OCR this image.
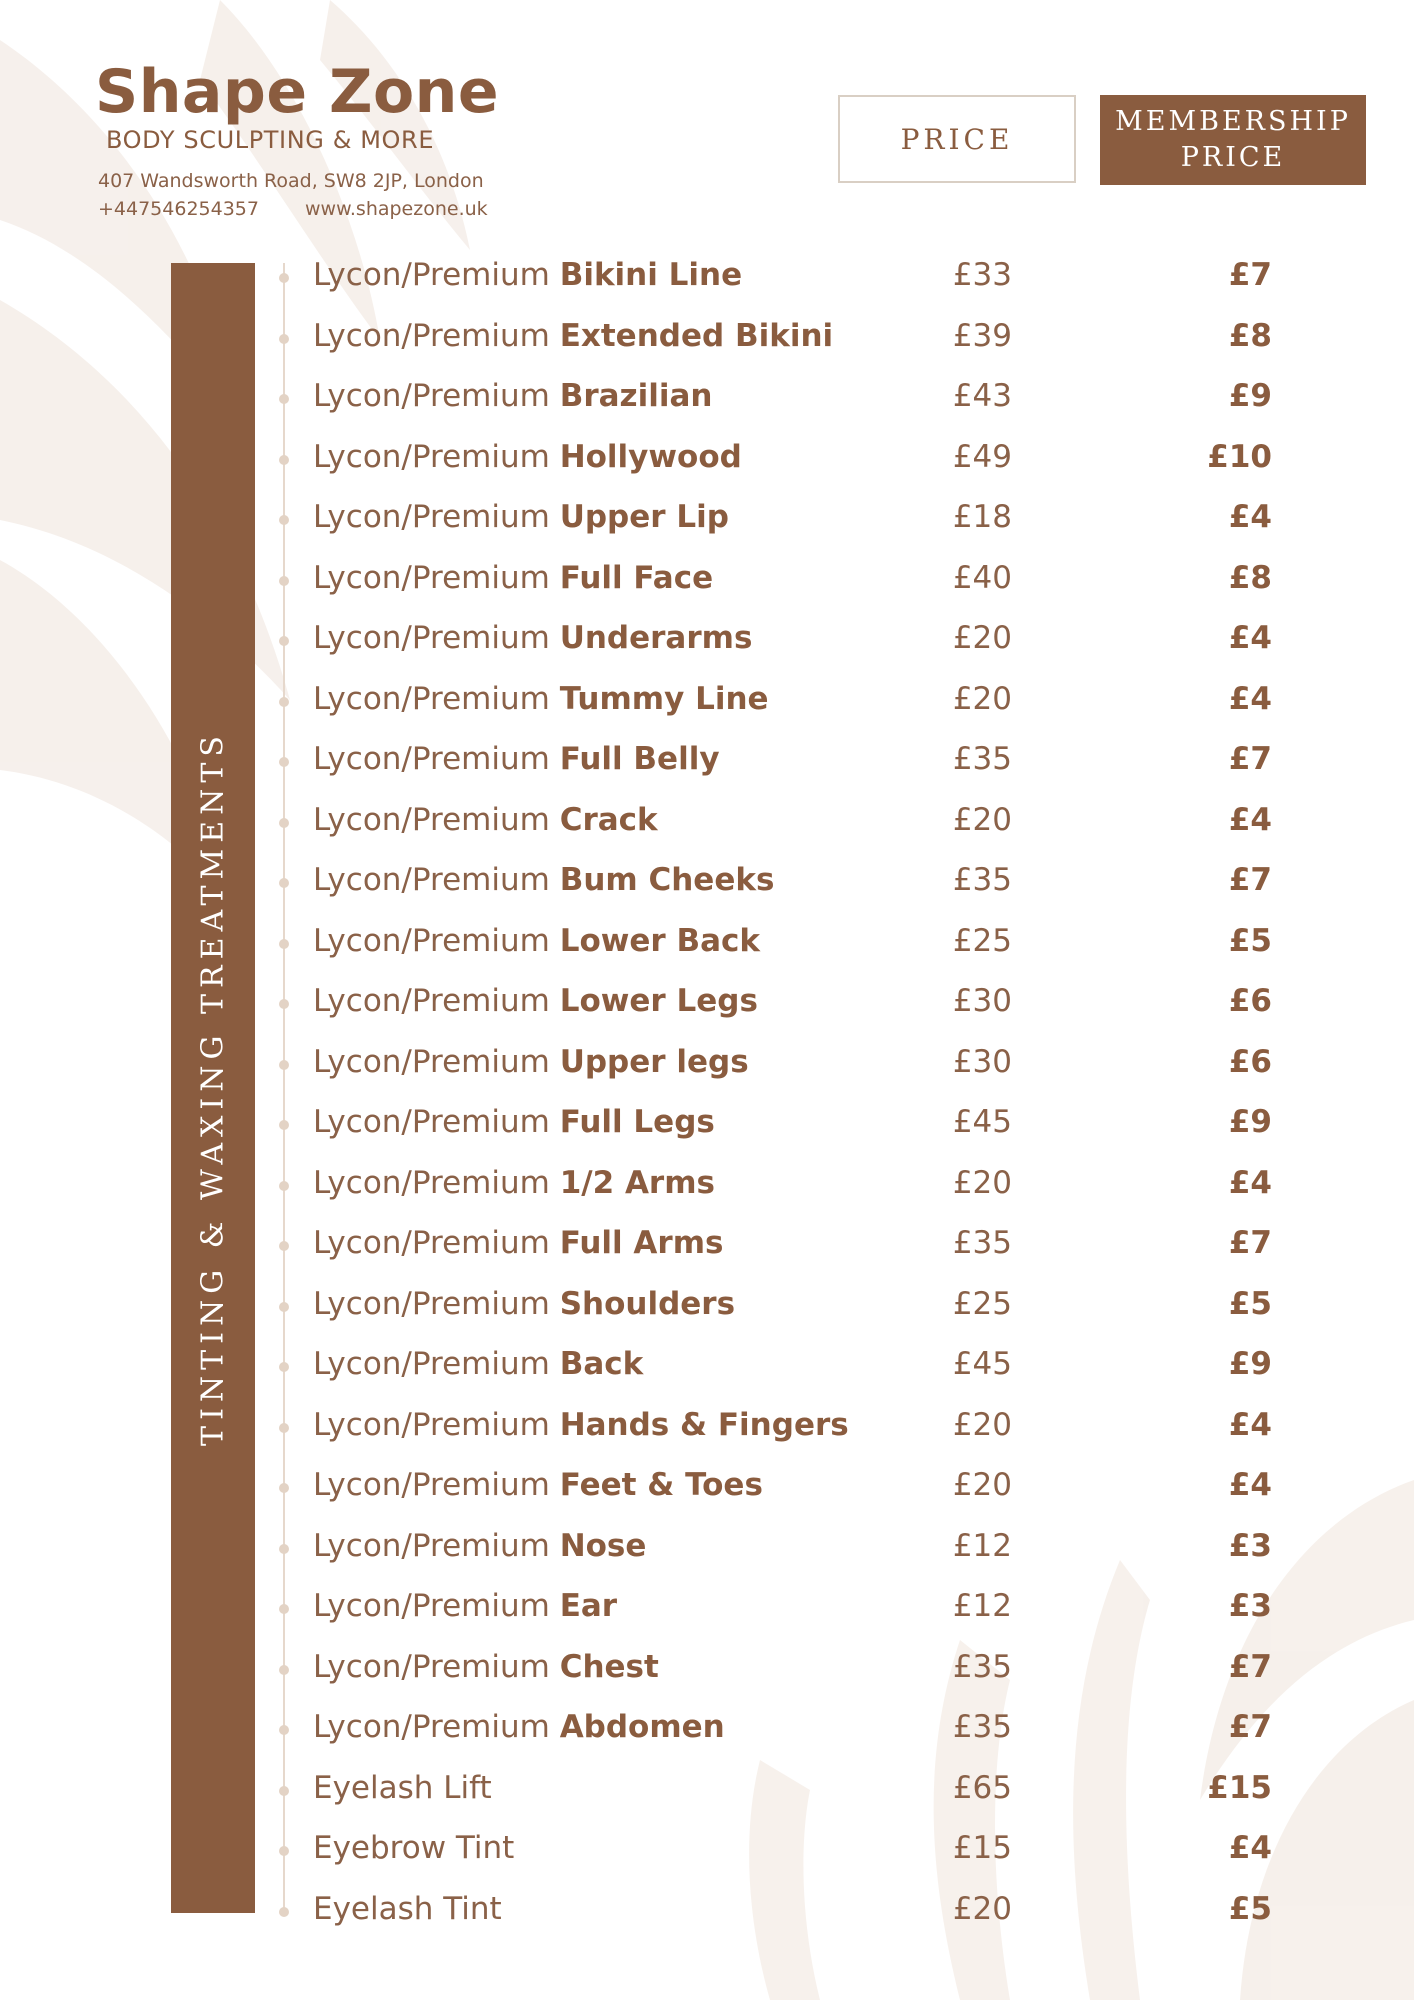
Shape Zone
BODY SCULPTING & MORE
407 Wandsworth Road, SW8 2JP, London
+447546254357 www.shapezone.uk
PRICE
MEMBERSHIP
PRICE
TINTING & WAXING TREATMENTS
Lycon/Premium Bikini Line	£33	£7
Lycon/Premium Extended Bikini	£39	£8
Lycon/Premium Brazilian	£43	£9
Lycon/Premium Hollywood	£49	£10
Lycon/Premium Upper Lip	£18	£4
Lycon/Premium Full Face	£40	£8
Lycon/Premium Underarms	£20	£4
Lycon/Premium Tummy Line	£20	£4
Lycon/Premium Full Belly	£35	£7
Lycon/Premium Crack	£20	£4
Lycon/Premium Bum Cheeks	£35	£7
Lycon/Premium Lower Back	£25	£5
Lycon/Premium Lower Legs	£30	£6
Lycon/Premium Upper legs	£30	£6
Lycon/Premium Full Legs	£45	£9
Lycon/Premium 1/2 Arms	£20	£4
Lycon/Premium Full Arms	£35	£7
Lycon/Premium Shoulders	£25	£5
Lycon/Premium Back	£45	£9
Lycon/Premium Hands & Fingers	£20	£4
Lycon/Premium Feet & Toes	£20	£4
Lycon/Premium Nose	£12	£3
Lycon/Premium Ear	£12	£3
Lycon/Premium Chest	£35	£7
Lycon/Premium Abdomen	£35	£7
Eyelash Lift	£65	£15
Eyebrow Tint	£15	£4
Eyelash Tint	£20	£5
